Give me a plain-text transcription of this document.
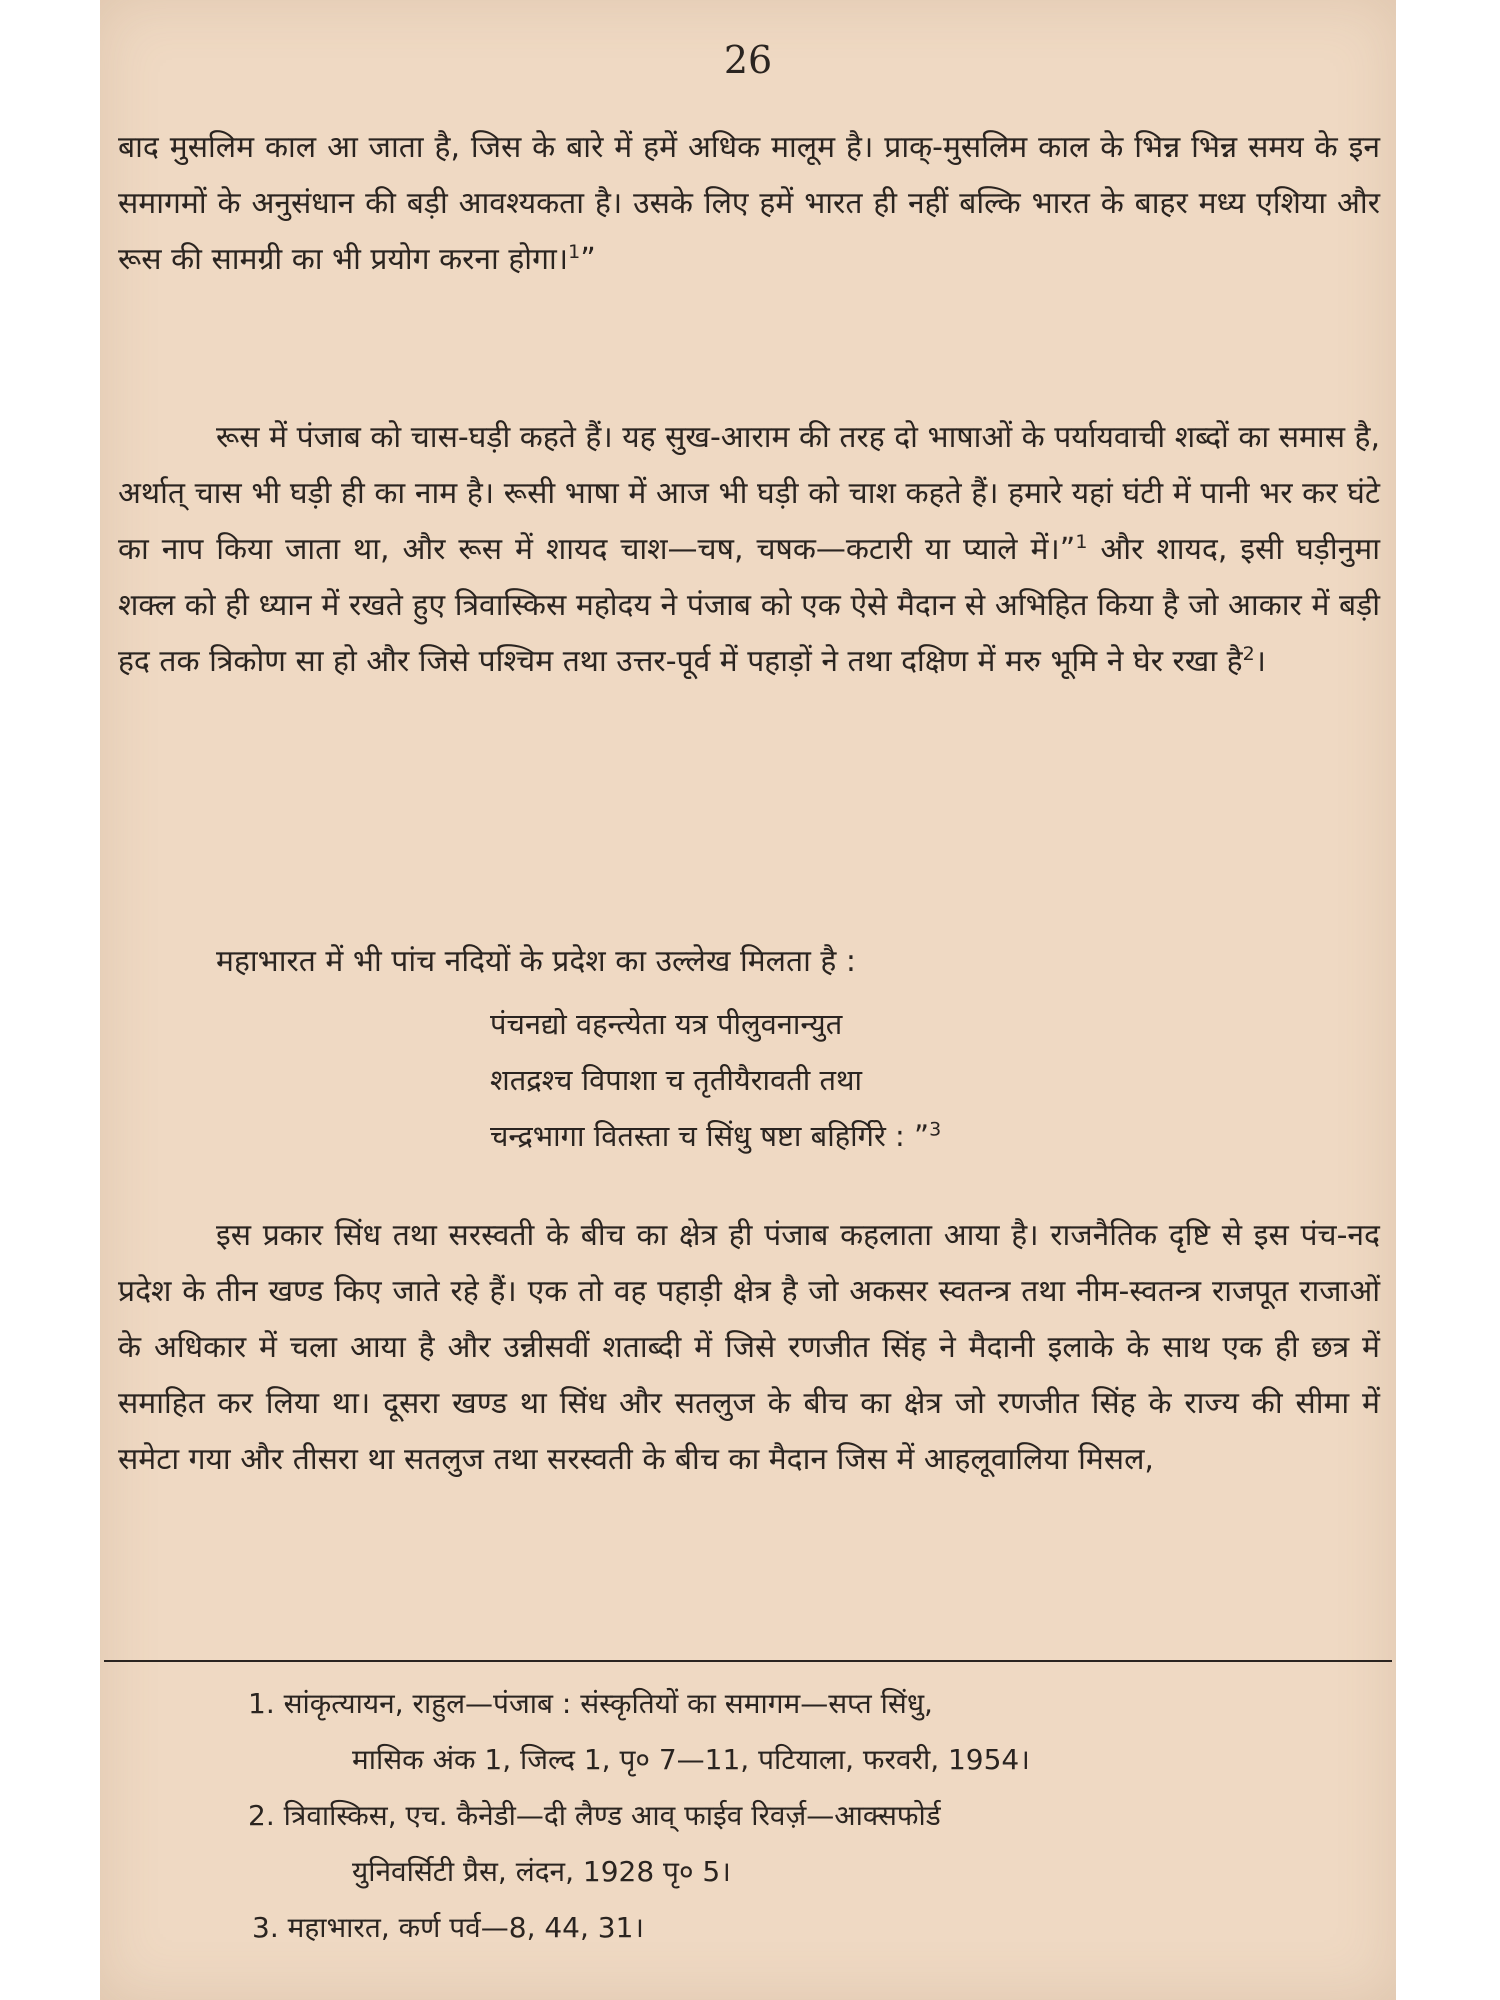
26

बाद मुसलिम काल आ जाता है, जिस के बारे में हमें अधिक मालूम है। प्राक्-मुसलिम काल के भिन्न भिन्न समय के इन समागमों के अनुसंधान की बड़ी आवश्यकता है। उसके लिए हमें भारत ही नहीं बल्कि भारत के बाहर मध्य एशिया और रूस की सामग्री का भी प्रयोग करना होगा।$^1$”

रूस में पंजाब को चास-घड़ी कहते हैं। यह सुख-आराम की तरह दो भाषाओं के पर्यायवाची शब्दों का समास है, अर्थात् चास भी घड़ी ही का नाम है। रूसी भाषा में आज भी घड़ी को चाश कहते हैं। हमारे यहां घंटी में पानी भर कर घंटे का नाप किया जाता था, और रूस में शायद चाश—चष, चषक—कटारी या प्याले में।”$^1$ और शायद, इसी घड़ीनुमा शक्ल को ही ध्यान में रखते हुए त्रिवास्किस महोदय ने पंजाब को एक ऐसे मैदान से अभिहित किया है जो आकार में बड़ी हद तक त्रिकोण सा हो और जिसे पश्चिम तथा उत्तर-पूर्व में पहाड़ों ने तथा दक्षिण में मरु भूमि ने घेर रखा है$^2$।

महाभारत में भी पांच नदियों के प्रदेश का उल्लेख मिलता है :

पंचनद्यो वहन्त्येता यत्र पीलुवनान्युत
शतद्रश्च विपाशा च तृतीयैरावती तथा
चन्द्रभागा वितस्ता च सिंधु षष्टा बहिर्गिरे : ”$^3$

इस प्रकार सिंध तथा सरस्वती के बीच का क्षेत्र ही पंजाब कहलाता आया है। राजनैतिक दृष्टि से इस पंच-नद प्रदेश के तीन खण्ड किए जाते रहे हैं। एक तो वह पहाड़ी क्षेत्र है जो अकसर स्वतन्त्र तथा नीम-स्वतन्त्र राजपूत राजाओं के अधिकार में चला आया है और उन्नीसवीं शताब्दी में जिसे रणजीत सिंह ने मैदानी इलाके के साथ एक ही छत्र में समाहित कर लिया था। दूसरा खण्ड था सिंध और सतलुज के बीच का क्षेत्र जो रणजीत सिंह के राज्य की सीमा में समेटा गया और तीसरा था सतलुज तथा सरस्वती के बीच का मैदान जिस में आहलूवालिया मिसल,

1. सांकृत्यायन, राहुल—पंजाब : संस्कृतियों का समागम—सप्त सिंधु,
मासिक अंक 1, जिल्द 1, पृ० 7—11, पटियाला, फरवरी, 1954।
2. त्रिवास्किस, एच. कैनेडी—दी लैण्ड आव् फाईव रिवर्ज़—आक्सफोर्ड
युनिवर्सिटी प्रैस, लंदन, 1928 पृ० 5।
3. महाभारत, कर्ण पर्व—8, 44, 31।
